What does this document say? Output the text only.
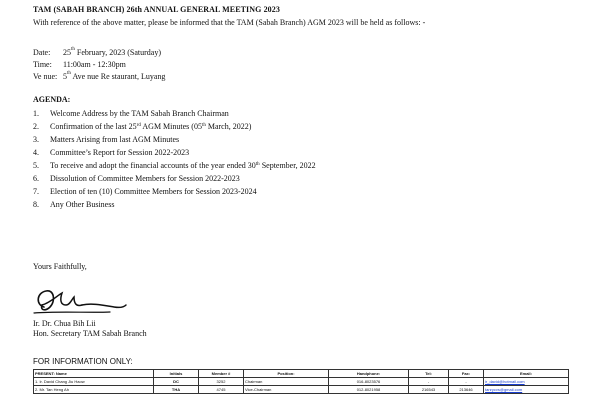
TAM (SABAH BRANCH) 26th ANNUAL GENERAL MEETING 2023
With reference of the above matter, please be informed that the TAM (Sabah Branch) AGM 2023 will be held as follows: -
Date: 25th February, 2023 (Saturday)
Time: 11:00am - 12:30pm
Ve nue: 5th Ave nue Re staurant, Luyang
AGENDA:
1. Welcome Address by the TAM Sabah Branch Chairman
2. Confirmation of the last 25rd AGM Minutes (05th March, 2022)
3. Matters Arising from last AGM Minutes
4. Committee’s Report for Session 2022-2023
5. To receive and adopt the financial accounts of the year ended 30th September, 2022
6. Dissolution of Committee Members for Session 2022-2023
7. Election of ten (10) Committee Members for Session 2023-2024
8. Any Other Business
Yours Faithfully,
Ir. Dr. Chua Bih Lii
Hon. Secretary TAM Sabah Branch
FOR INFORMATION ONLY:
PRESENT: Name	Initials	Member #	Position:	Handphone:	Tel:	Fax:	Email:
1. Ir. David Chang Jiu Haow	DC	3252	Chairman	016-8023576	-	-	ir_david@hotmail.com
2. Mr. Tan Heng Ah	THA	4745	Vice-Chairman	012-8021958	216543	213646	tanrycvs@gmail.com
